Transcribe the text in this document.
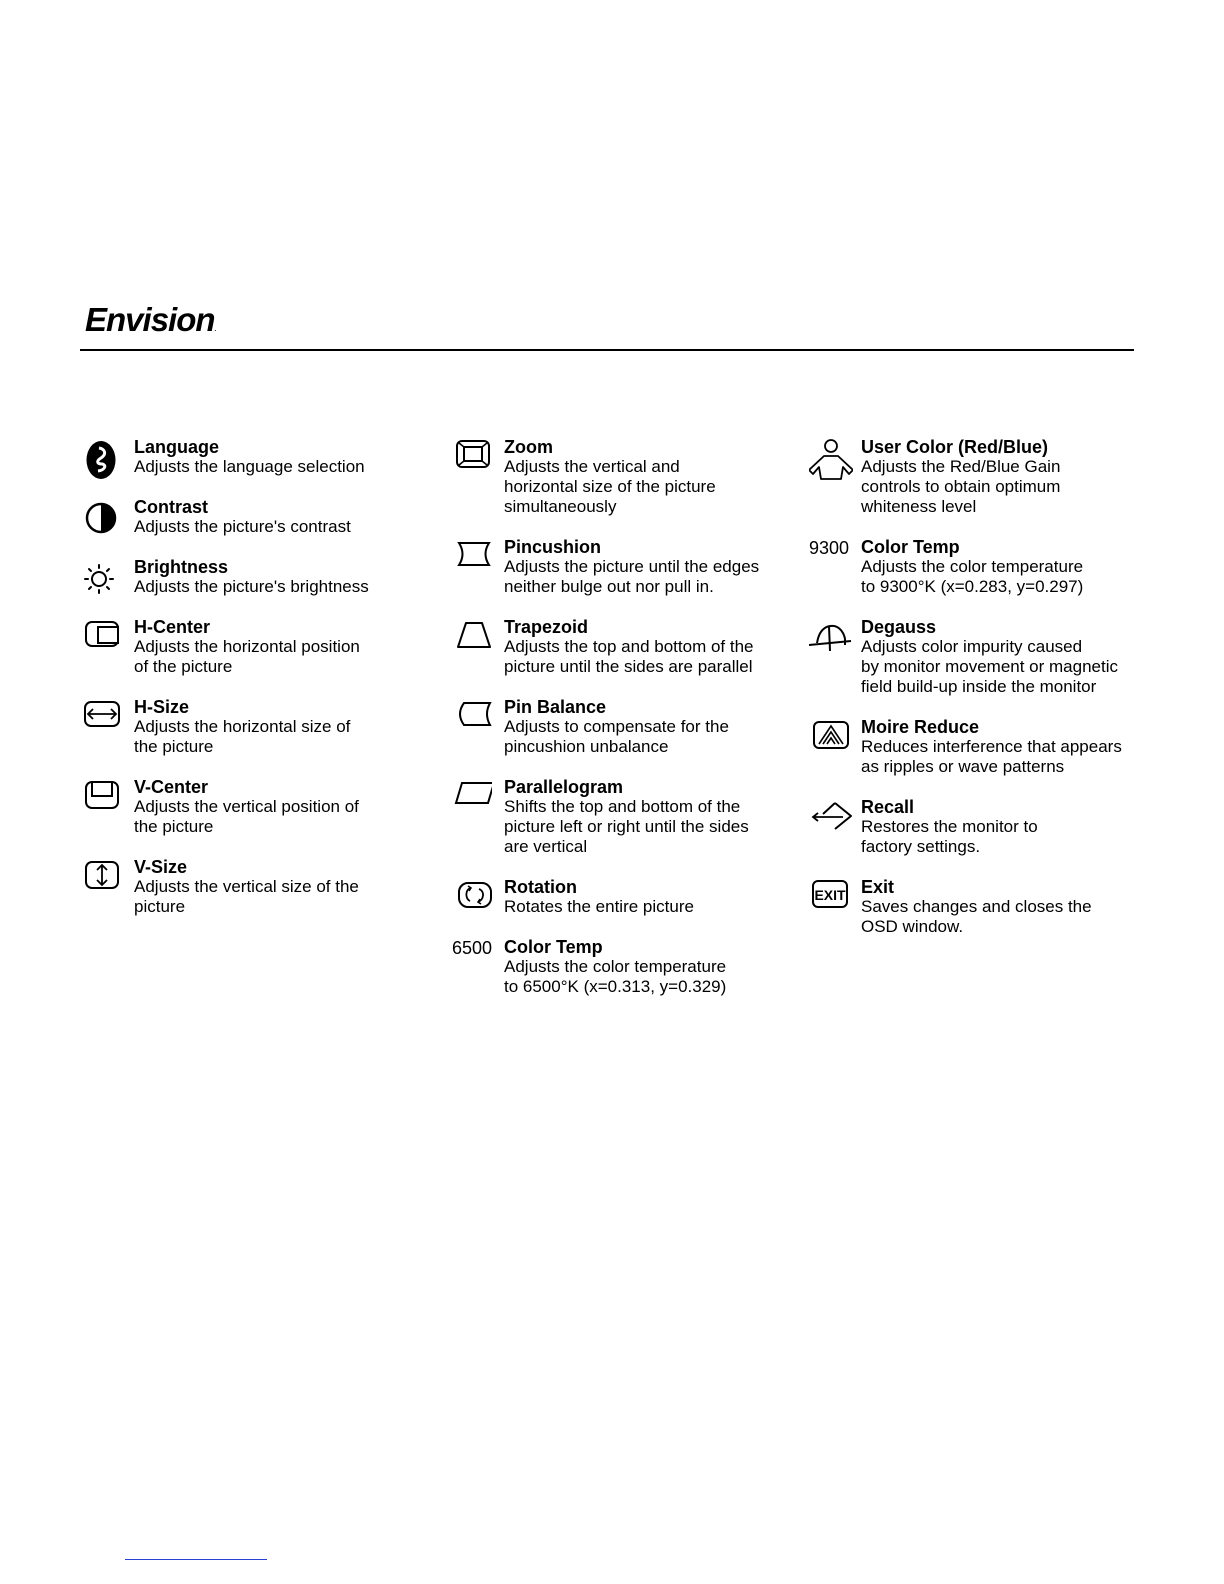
Envision.

Language

Adjusts the language selection

Contrast

Adjusts the picture's contrast

Brightness

Adjusts the picture's brightness

H-Center

Adjusts the horizontal position
of the picture

H-Size

Adjusts the horizontal size of
the picture

V-Center

Adjusts the vertical position of
the picture

V-Size

Adjusts the vertical size of the
picture

Zoom

Adjusts the vertical and
horizontal size of the picture
simultaneously

Pincushion

Adjusts the picture until the edges
neither bulge out nor pull in.

Trapezoid

Adjusts the top and bottom of the
picture until the sides are parallel

Pin Balance

Adjusts to compensate for the
pincushion unbalance

Parallelogram

Shifts the top and bottom of the
picture left or right until the sides
are vertical

Rotation

Rotates the entire picture

6500 Color Temp

Adjusts the color temperature
to 6500°K (x=0.313, y=0.329)

User Color (Red/Blue)

Adjusts the Red/Blue Gain
controls to obtain optimum
whiteness level

9300 Color Temp

Adjusts the color temperature
to 9300°K (x=0.283, y=0.297)

Degauss

Adjusts color impurity caused
by monitor movement or magnetic
field build-up inside the monitor

Moire Reduce

Reduces interference that appears
as ripples or wave patterns

Recall

Restores the monitor to
factory settings.

EXIT Exit

Saves changes and closes the
OSD window.
